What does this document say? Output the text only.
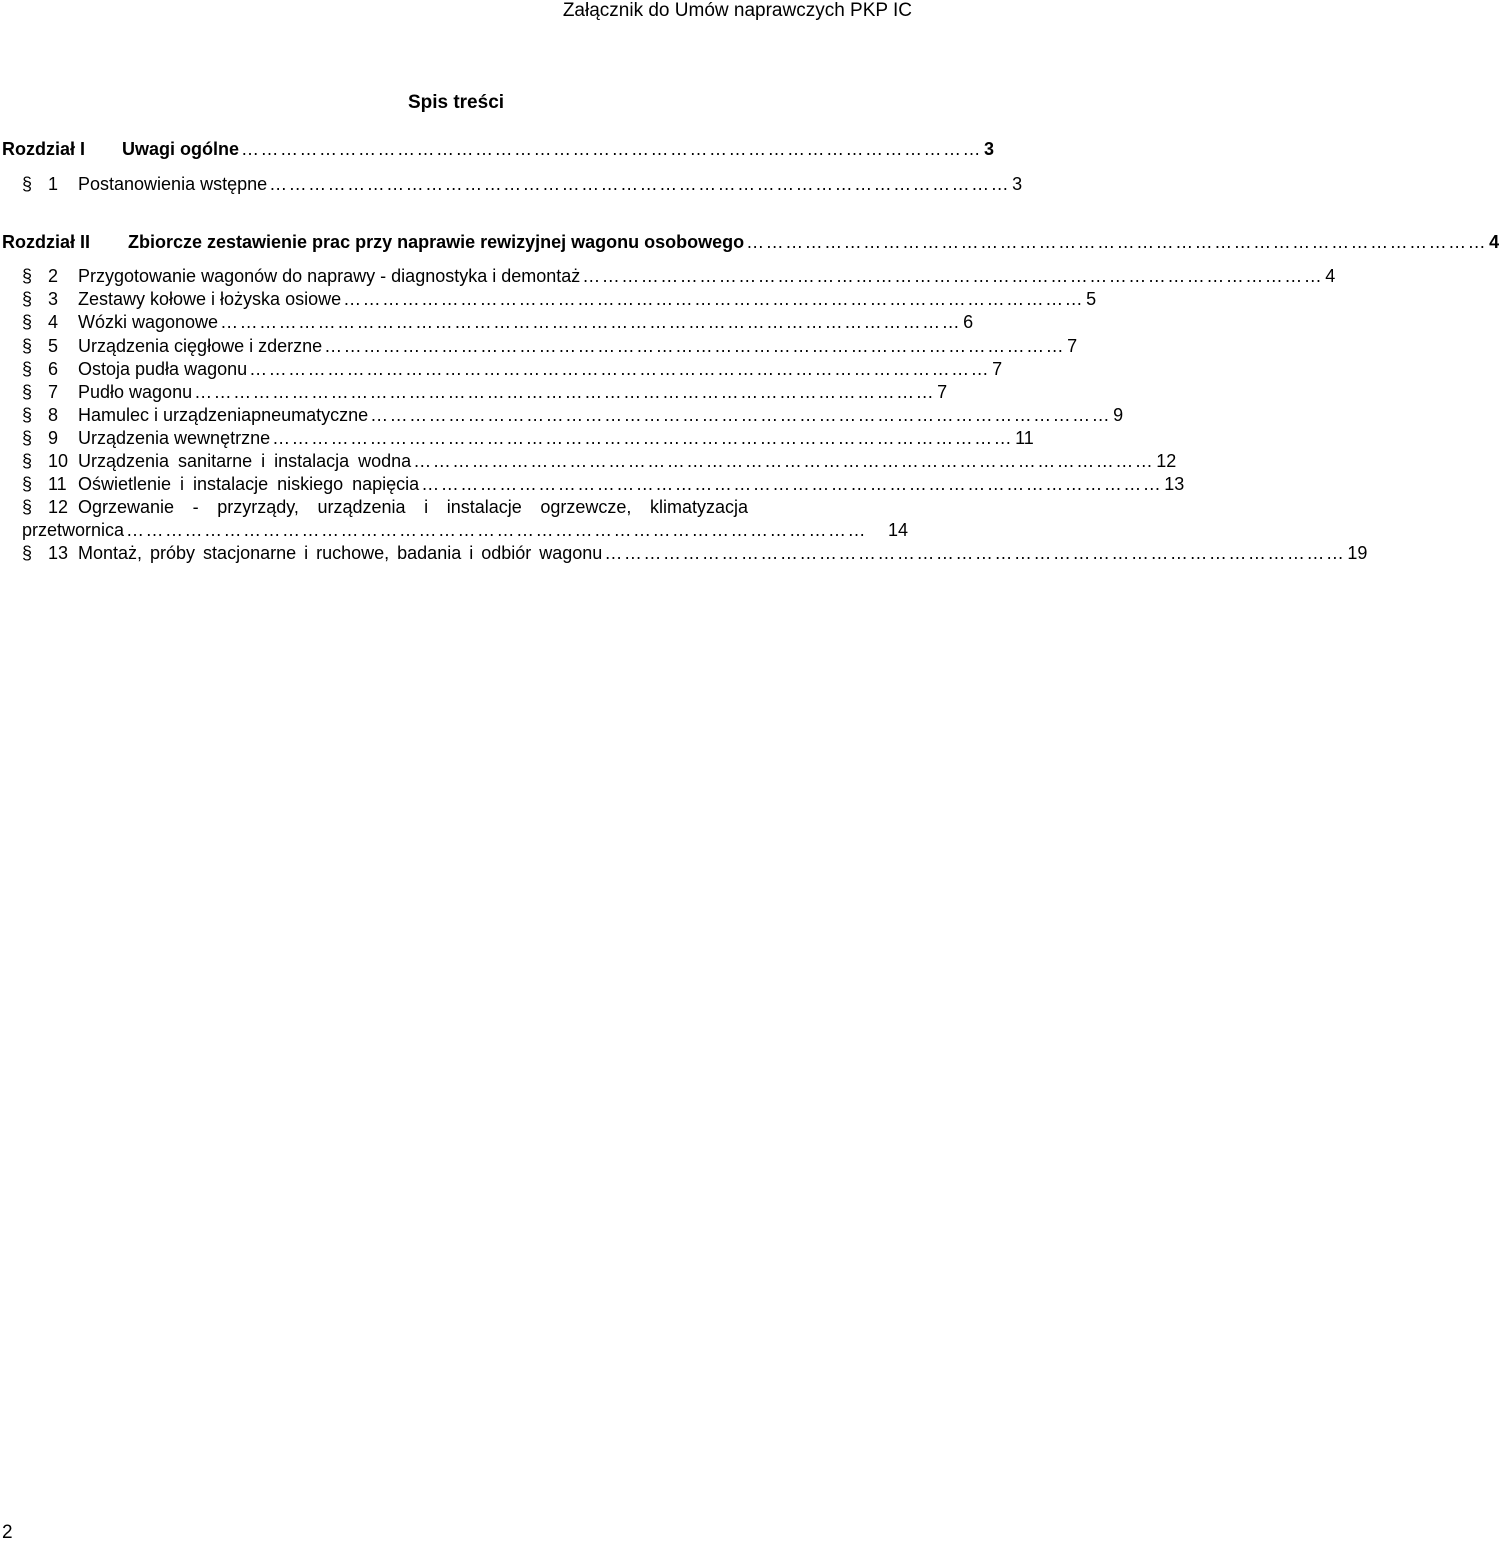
Załącznik do Umów naprawczych PKP IC
Spis treści
Rozdział I	Uwagi ogólne …………………………………………………………………………………………………… 3
§ 1	Postanowienia wstępne …………………………………………………………………………………………………… 3
Rozdział II	Zbiorcze zestawienie prac przy naprawie rewizyjnej wagonu osobowego …………………………………………………………………………………………………… 4
§ 2	Przygotowanie wagonów do naprawy - diagnostyka i demontaż …………………………………………………………………………………………………… 4
§ 3	Zestawy kołowe i łożyska osiowe …………………………………………………………………………………………………… 5
§ 4	Wózki wagonowe …………………………………………………………………………………………………… 6
§ 5	Urządzenia cięgłowe i zderzne …………………………………………………………………………………………………… 7
§ 6	Ostoja pudła wagonu …………………………………………………………………………………………………… 7
§ 7	Pudło wagonu …………………………………………………………………………………………………… 7
§ 8	Hamulec i urządzeniapneumatyczne …………………………………………………………………………………………………… 9
§ 9	Urządzenia wewnętrzne …………………………………………………………………………………………………… 11
§ 10 Urządzenia sanitarne i instalacja wodna …………………………………………………………………………………………………… 12
§ 11 Oświetlenie i instalacje niskiego napięcia …………………………………………………………………………………………………… 13
§ 12 Ogrzewanie - przyrządy, urządzenia i instalacje ogrzewcze, klimatyzacja
przetwornica ……………………………………………………………………………………………………	14
§ 13 Montaż, próby stacjonarne i ruchowe, badania i odbiór wagonu …………………………………………………………………………………………………… 19
2
